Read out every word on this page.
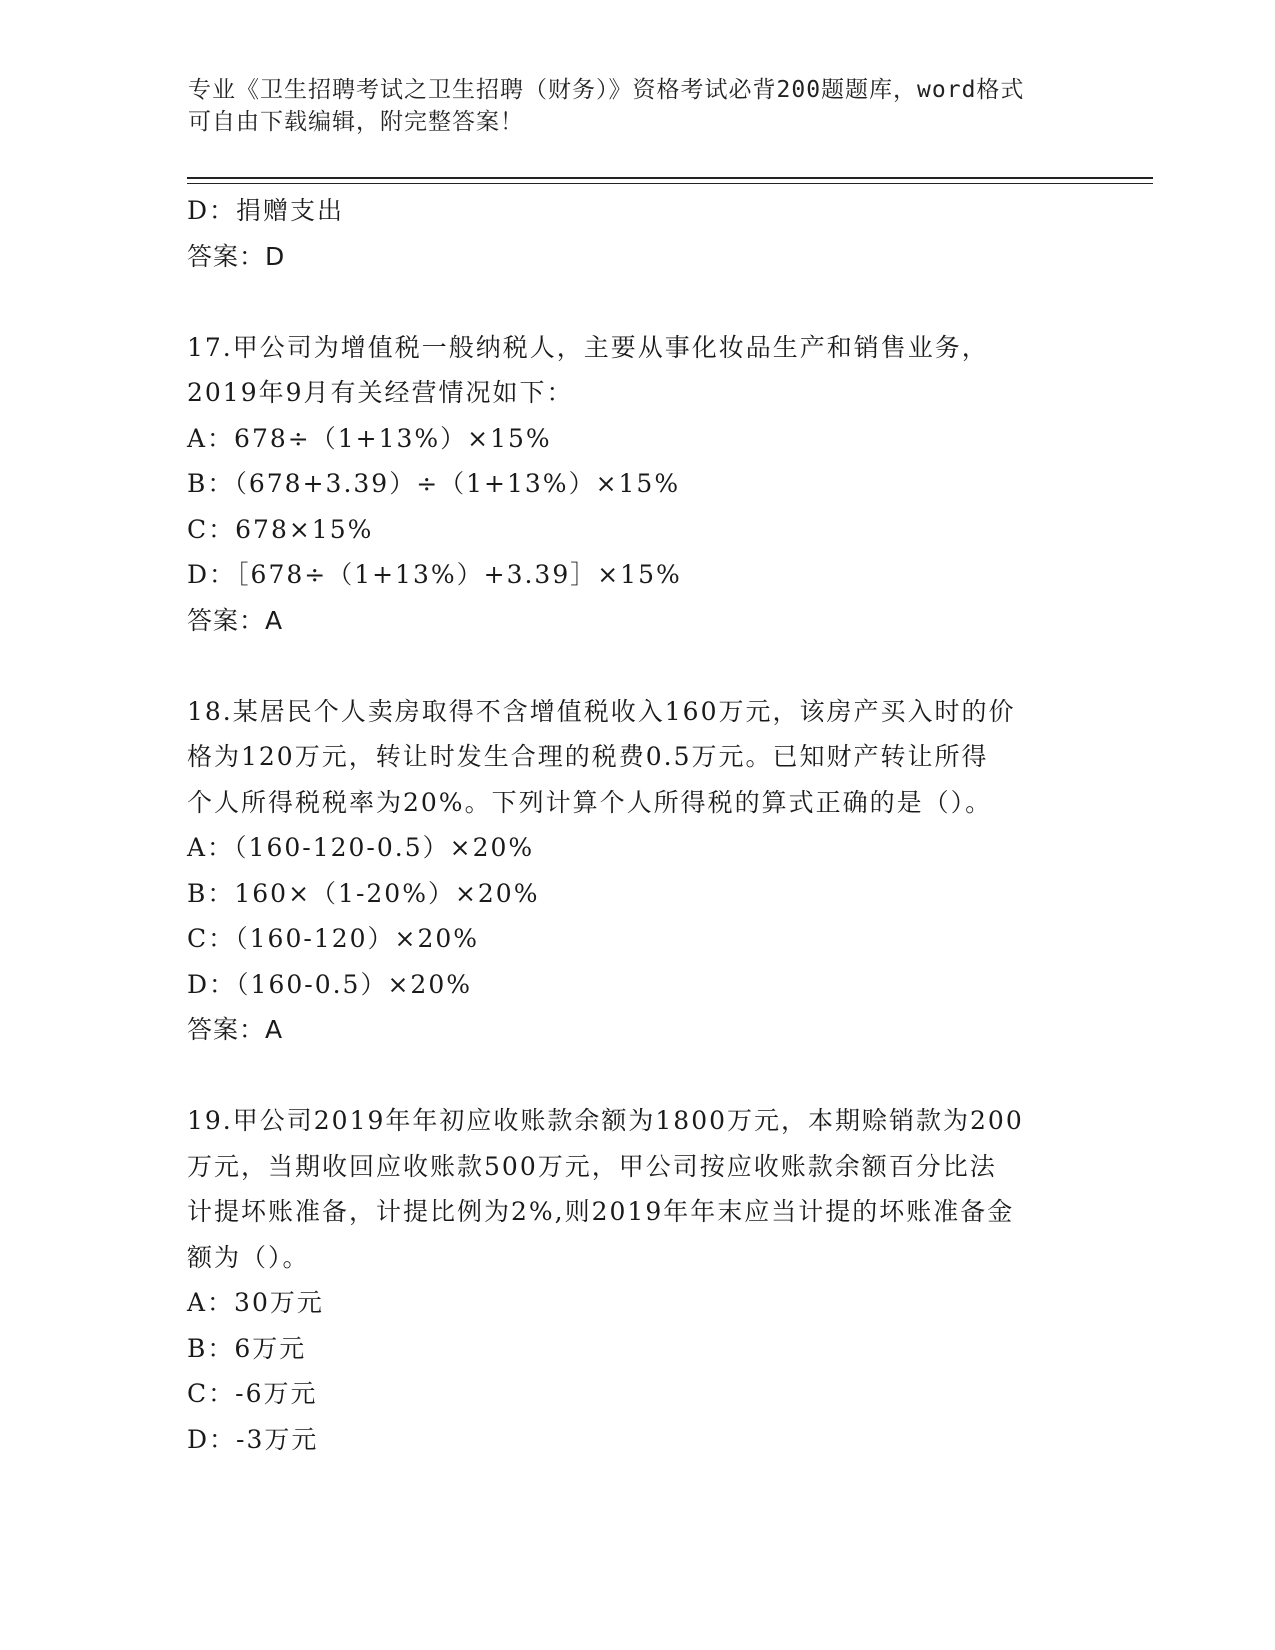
专业《卫生招聘考试之卫生招聘（财务）》资格考试必背200题题库，word格式
可自由下载编辑，附完整答案！
D：捐赠支出
答案：D
17.甲公司为增值税一般纳税人，主要从事化妆品生产和销售业务，
2019年9月有关经营情况如下：
A：678÷（1+13%）×15%
B：（678+3.39）÷（1+13%）×15%
C：678×15%
D：［678÷（1+13%）+3.39］×15%
答案：A
18.某居民个人卖房取得不含增值税收入160万元，该房产买入时的价
格为120万元，转让时发生合理的税费0.5万元。已知财产转让所得
个人所得税税率为20%。下列计算个人所得税的算式正确的是（）。
A：（160-120-0.5）×20%
B：160×（1-20%）×20%
C：（160-120）×20%
D：（160-0.5）×20%
答案：A
19.甲公司2019年年初应收账款余额为1800万元，本期赊销款为200
万元，当期收回应收账款500万元，甲公司按应收账款余额百分比法
计提坏账准备，计提比例为2%,则2019年年末应当计提的坏账准备金
额为（）。
A：30万元
B：6万元
C：-6万元
D：-3万元
